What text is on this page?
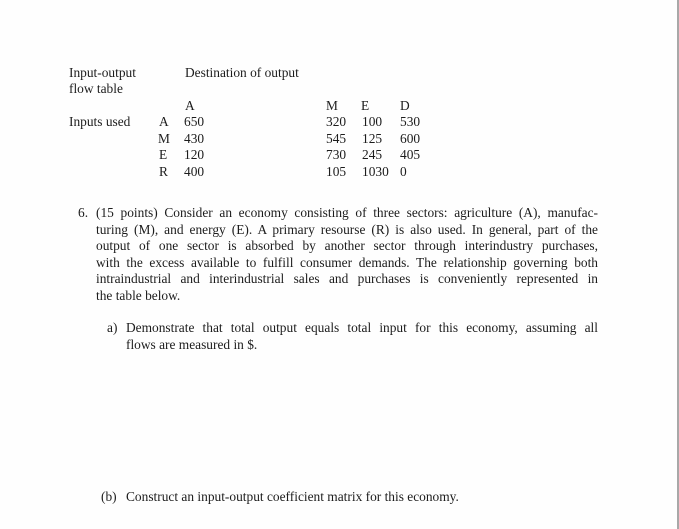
Input-output
flow table
Destination of output
Inputs used
A	M E D
A 650	320 100 530
M 430	545 125 600
E 120	730 245 405
R 400	105 1030 0
6. (15 points) Consider an economy consisting of three sectors: agriculture (A), manufac-
turing (M), and energy (E). A primary resourse (R) is also used. In general, part of the
output of one sector is absorbed by another sector through interindustry purchases,
with the excess available to fulfill consumer demands. The relationship governing both
intraindustrial and interindustrial sales and purchases is conveniently represented in
the table below.
a) Demonstrate that total output equals total input for this economy, assuming all
flows are measured in $.
(b) Construct an input-output coefficient matrix for this economy.
